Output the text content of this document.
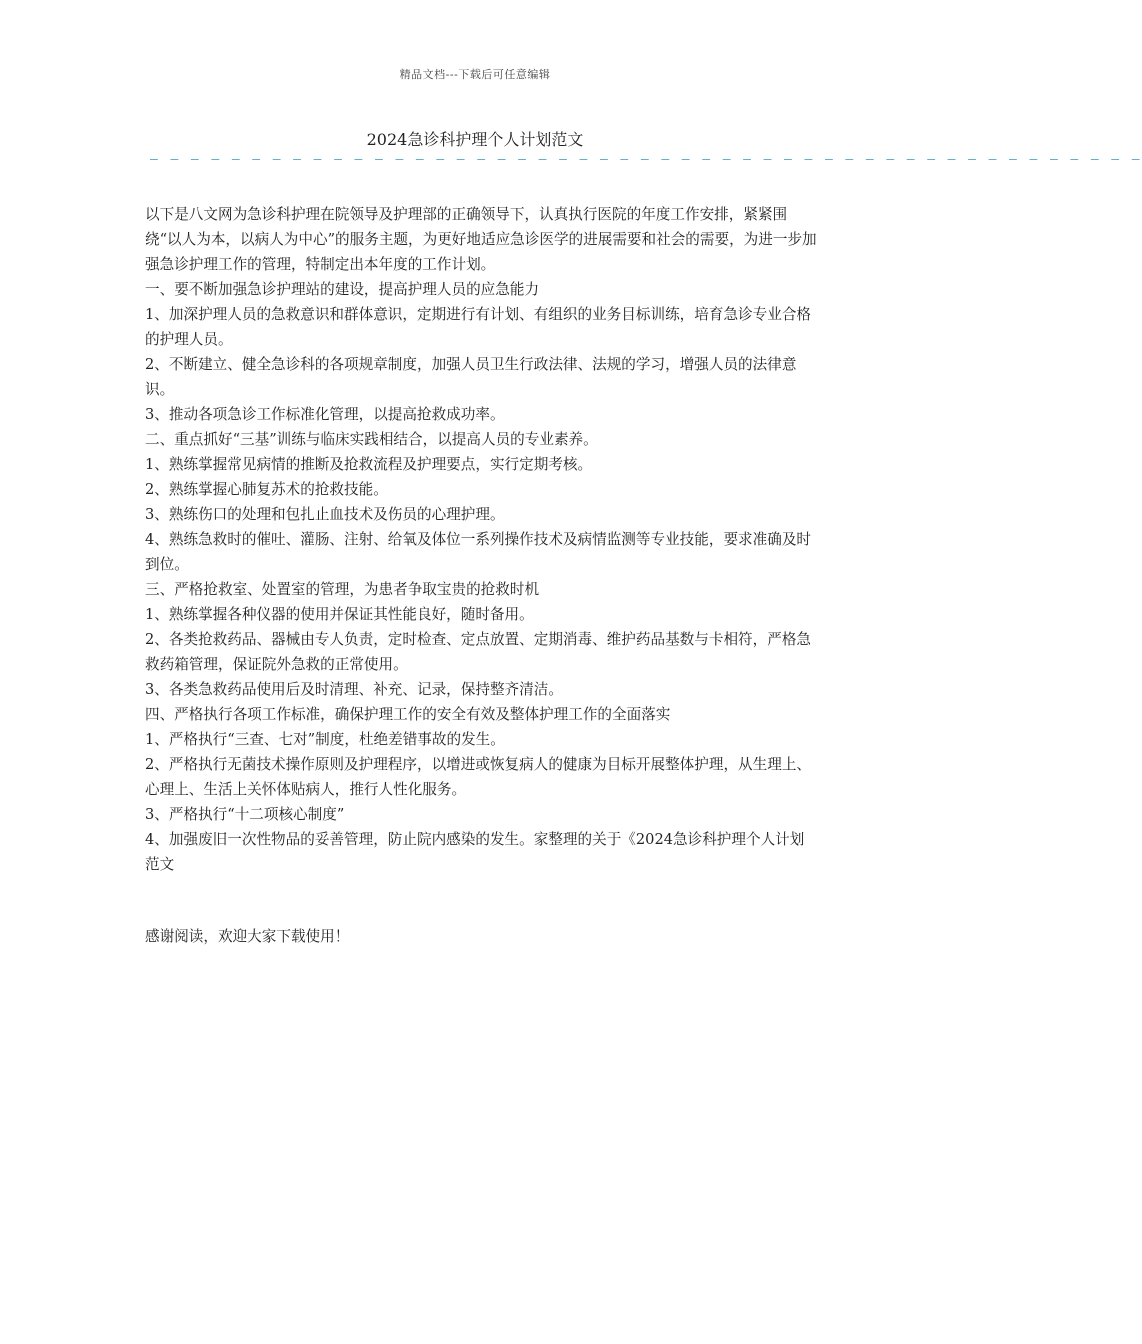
精品文档---下载后可任意编辑
2024急诊科护理个人计划范文
— — — — — — — — — — — — — — — — — — — — — — — — — — — — — — — — — — — — — — — — — — — — — — — — —

以下是八文网为急诊科护理在院领导及护理部的正确领导下，认真执行医院的年度工作安排，紧紧围绕“以人为本，以病人为中心”的服务主题，为更好地适应急诊医学的进展需要和社会的需要，为进一步加强急诊护理工作的管理，特制定出本年度的工作计划。

一、要不断加强急诊护理站的建设，提高护理人员的应急能力

1、加深护理人员的急救意识和群体意识，定期进行有计划、有组织的业务目标训练，培育急诊专业合格的护理人员。

2、不断建立、健全急诊科的各项规章制度，加强人员卫生行政法律、法规的学习，增强人员的法律意识。

3、推动各项急诊工作标准化管理，以提高抢救成功率。

二、重点抓好“三基”训练与临床实践相结合，以提高人员的专业素养。

1、熟练掌握常见病情的推断及抢救流程及护理要点，实行定期考核。

2、熟练掌握心肺复苏术的抢救技能。

3、熟练伤口的处理和包扎止血技术及伤员的心理护理。

4、熟练急救时的催吐、灌肠、注射、给氧及体位一系列操作技术及病情监测等专业技能，要求准确及时到位。

三、严格抢救室、处置室的管理，为患者争取宝贵的抢救时机

1、熟练掌握各种仪器的使用并保证其性能良好，随时备用。

2、各类抢救药品、器械由专人负责，定时检查、定点放置、定期消毒、维护药品基数与卡相符，严格急救药箱管理，保证院外急救的正常使用。

3、各类急救药品使用后及时清理、补充、记录，保持整齐清洁。

四、严格执行各项工作标准，确保护理工作的安全有效及整体护理工作的全面落实

1、严格执行“三查、七对”制度，杜绝差错事故的发生。

2、严格执行无菌技术操作原则及护理程序，以增进或恢复病人的健康为目标开展整体护理，从生理上、心理上、生活上关怀体贴病人，推行人性化服务。

3、严格执行“十二项核心制度”

4、加强废旧一次性物品的妥善管理，防止院内感染的发生。家整理的关于《2024急诊科护理个人计划范文

感谢阅读，欢迎大家下载使用！
